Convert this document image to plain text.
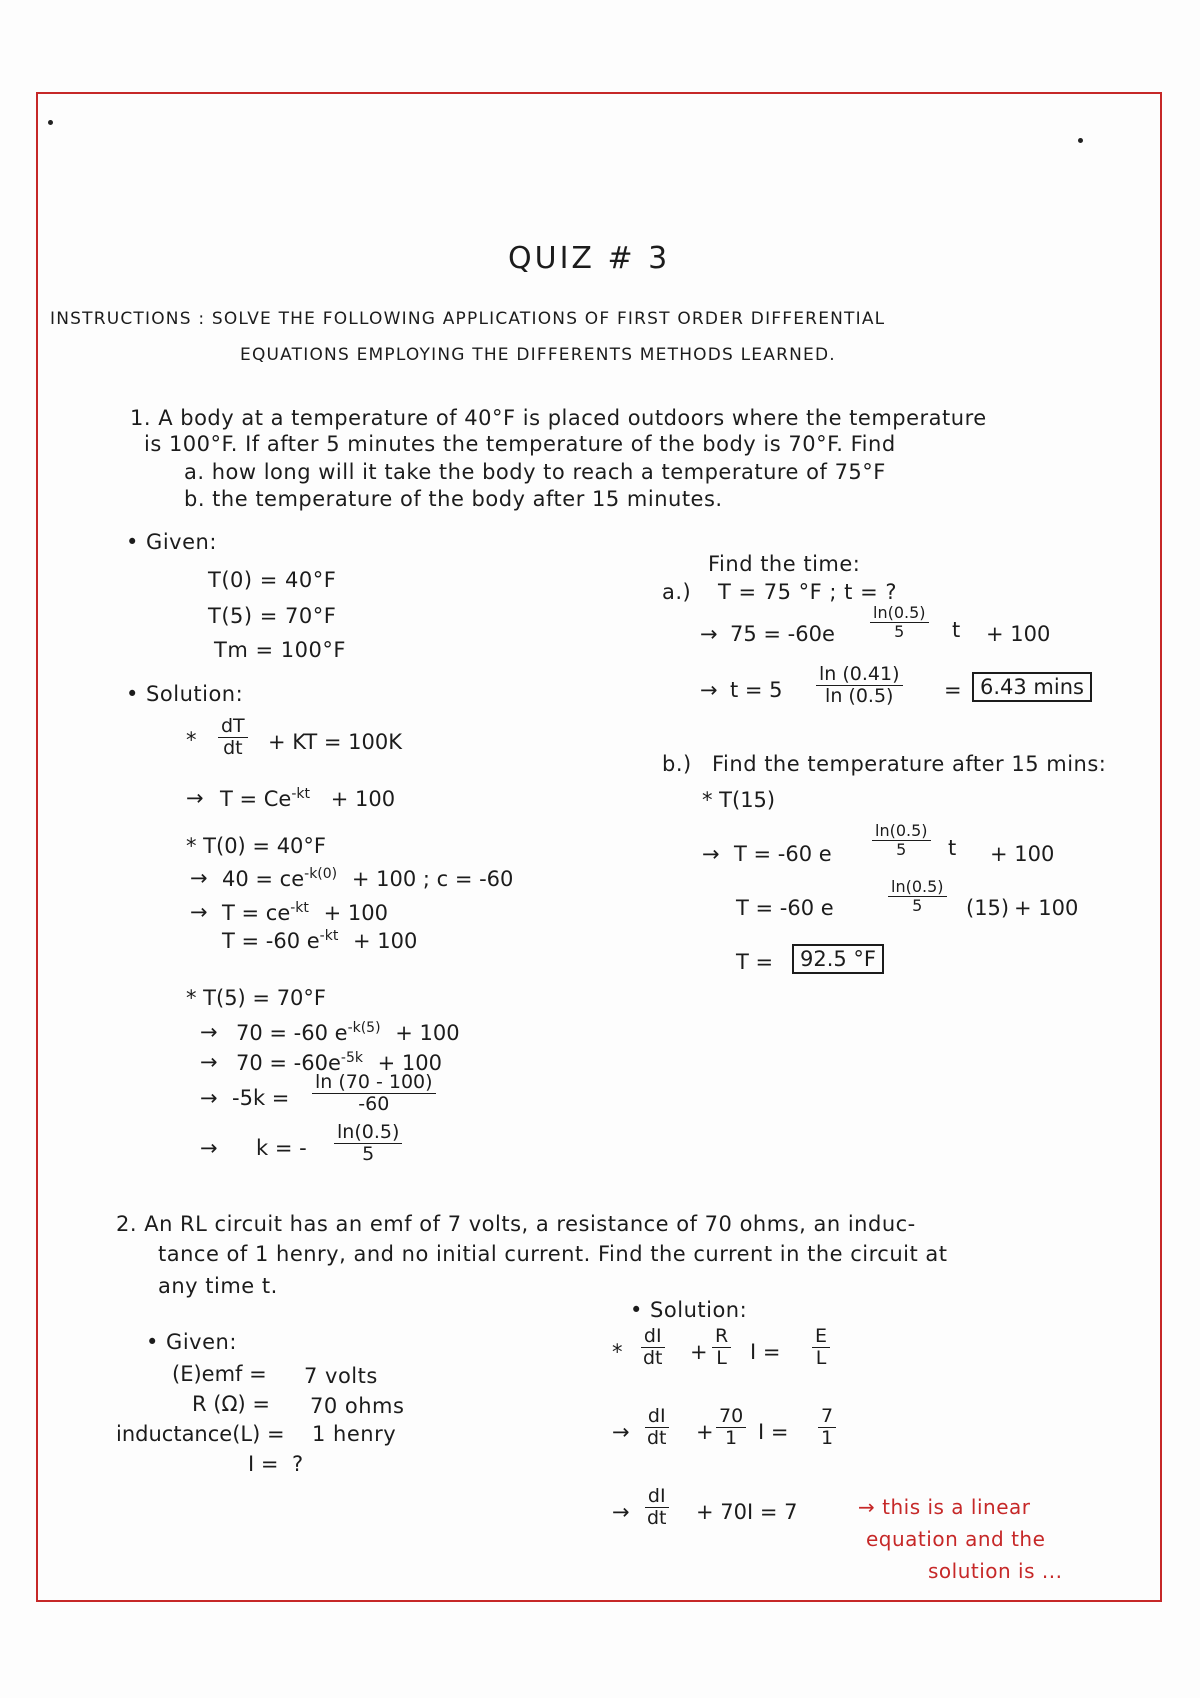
QUIZ # 3
INSTRUCTIONS : SOLVE THE FOLLOWING APPLICATIONS OF FIRST ORDER DIFFERENTIAL
EQUATIONS EMPLOYING THE DIFFERENTS METHODS LEARNED.
1. A body at a temperature of 40°F is placed outdoors where the temperature
is 100°F. If after 5 minutes the temperature of the body is 70°F. Find
a. how long will it take the body to reach a temperature of 75°F
b. the temperature of the body after 15 minutes.
• Given:
T(0) = 40°F
T(5) = 70°F
Tm = 100°F
• Solution:
* $\frac{dT}{dt}$ + KT = 100K
→ $T = Ce^{-kt} + 100$
* T(0) = 40°F
→ $40 = ce^{-k(0)} + 100$ ; c = -60
→ $T = ce^{-kt} + 100$
T = -60 $e^{-kt} + 100$
* T(5) = 70°F
→ 70 = -60 $e^{-k(5)} + 100$
→ $70 = -60e^{-5k} + 100$
→ $-5k = \frac{\ln (70 - 100)}{-60}$
→ k = - $\frac{\ln(0.5)}{5}$
Find the time:
a.) T = 75 °F ; t = ?
→ $75 = -60e \frac{\ln(0.5)}{5}$ t + 100
→ $t = 5 \frac{\ln (0.41)}{\ln (0.5)} = 6.43$ mins
b.) Find the temperature after 15 mins:
* T(15)
→ T = -60 e	$\frac{\ln(0.5)}{5}$ t + 100
T = -60 e	$\frac{\ln(0.5)}{5} (15) + 100$
T =	92.5 °F
2. An RL circuit has an emf of 7 volts, a resistance of 70 ohms, an induc-
tance of 1 henry, and no initial current. Find the current in the circuit at
any time t.
• Given:
(E)emf = 7 volts
R (Ω) = 70 ohms
inductance(L) = 1 henry
I = ?
• Solution:
* $\frac{dI}{dt} + \frac{R}{L}$ $I = \frac{E}{L}$
→ $\frac{dI}{dt} + \frac{70}{1}$ $I = \frac{7}{1}$
→ $\frac{dI}{dt} + 70I = 7$	→ this is a linear
equation and the
solution is ...
